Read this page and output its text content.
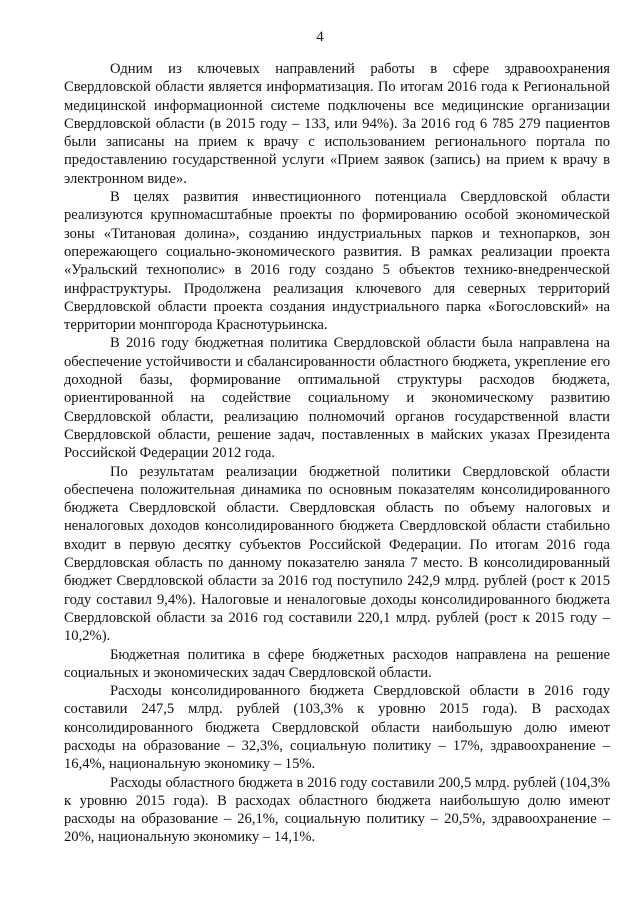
4

Одним из ключевых направлений работы в сфере здравоохранения Свердловской области является информатизация. По итогам 2016 года к Региональной медицинской информационной системе подключены все медицинские организации Свердловской области (в 2015 году – 133, или 94%). За 2016 год 6 785 279 пациентов были записаны на прием к врачу с использованием регионального портала по предоставлению государственной услуги «Прием заявок (запись) на прием к врачу в электронном виде».

В целях развития инвестиционного потенциала Свердловской области реализуются крупномасштабные проекты по формированию особой экономической зоны «Титановая долина», созданию индустриальных парков и технопарков, зон опережающего социально-экономического развития. В рамках реализации проекта «Уральский технополис» в 2016 году создано 5 объектов технико-внедренческой инфраструктуры. Продолжена реализация ключевого для северных территорий Свердловской области проекта создания индустриального парка «Богословский» на территории монпгорода Краснотурьинска.

В 2016 году бюджетная политика Свердловской области была направлена на обеспечение устойчивости и сбалансированности областного бюджета, укрепление его доходной базы, формирование оптимальной структуры расходов бюджета, ориентированной на содействие социальному и экономическому развитию Свердловской области, реализацию полномочий органов государственной власти Свердловской области, решение задач, поставленных в майских указах Президента Российской Федерации 2012 года.

По результатам реализации бюджетной политики Свердловской области обеспечена положительная динамика по основным показателям консолидированного бюджета Свердловской области. Свердловская область по объему налоговых и неналоговых доходов консолидированного бюджета Свердловской области стабильно входит в первую десятку субъектов Российской Федерации. По итогам 2016 года Свердловская область по данному показателю заняла 7 место. В консолидированный бюджет Свердловской области за 2016 год поступило 242,9 млрд. рублей (рост к 2015 году составил 9,4%). Налоговые и неналоговые доходы консолидированного бюджета Свердловской области за 2016 год составили 220,1 млрд. рублей (рост к 2015 году – 10,2%).

Бюджетная политика в сфере бюджетных расходов направлена на решение социальных и экономических задач Свердловской области.

Расходы консолидированного бюджета Свердловской области в 2016 году составили 247,5 млрд. рублей (103,3% к уровню 2015 года). В расходах консолидированного бюджета Свердловской области наибольшую долю имеют расходы на образование – 32,3%, социальную политику – 17%, здравоохранение – 16,4%, национальную экономику – 15%.

Расходы областного бюджета в 2016 году составили 200,5 млрд. рублей (104,3% к уровню 2015 года). В расходах областного бюджета наибольшую долю имеют расходы на образование – 26,1%, социальную политику – 20,5%, здравоохранение – 20%, национальную экономику – 14,1%.
